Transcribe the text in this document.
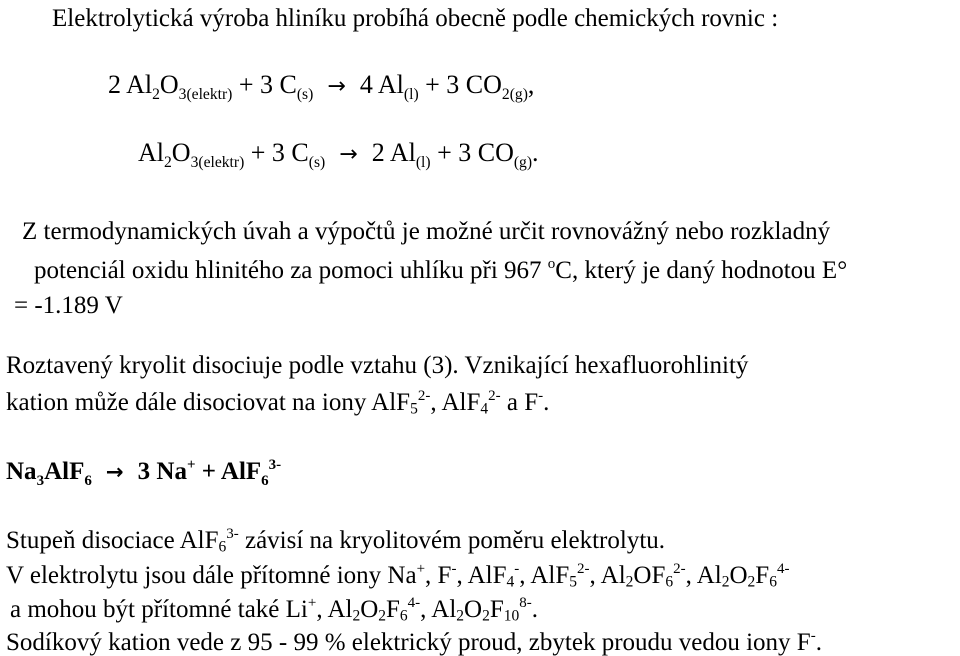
Elektrolytická výroba hliníku probíhá obecně podle chemických rovnic :
2 $Al_2O_{3(elektr)} + 3$ $C_{(s)} \to 4$ $Al_{(l)} + 3$ $CO_{2(g)}$,
$Al_2O_{3(elektr)} + 3$ $C_{(s)} \to 2$ $Al_{(l)} + 3$ $CO_{(g)}$.
Z termodynamických úvah a výpočtů je možné určit rovnovážný nebo rozkladný
potenciál oxidu hlinitého za pomoci uhlíku při 967 $^o$C, který je daný hodnotou E°
= -1.189 V
Roztavený kryolit disociuje podle vztahu (3). Vznikající hexafluorohlinitý
kation může dále disociovat na iony $AlF5^{2-}$, $AlF4^{2-}$ a F-.
$Na_3AlF_6 \to 3$ Na+ + AlF$_6^{3-}$
Stupeň disociace $AlF6^{3-}$ závisí na kryolitovém poměru elektrolytu.
V elektrolytu jsou dále přítomné iony Na+, F-, AlF4-, $AlF5^{2-}$, $Al2OF6^{2-}$, $Al2O2F6^{4-}$
a mohou být přítomné také Li+, $Al2O2F6^{4-}$, $Al2O2F10^{8-}$.
Sodíkový kation vede z 95 - 99 % elektrický proud, zbytek proudu vedou iony F-.
